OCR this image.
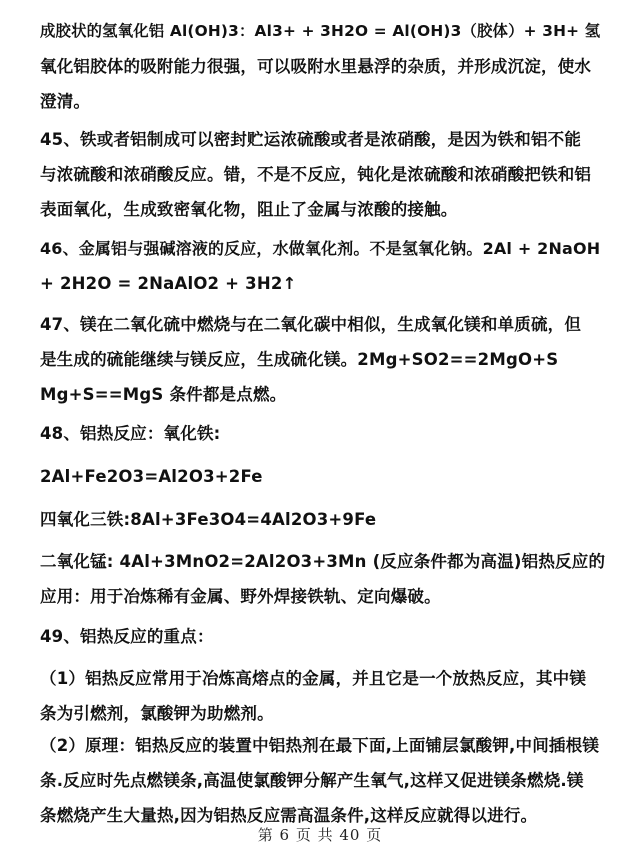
成胶状的氢氧化铝 Al(OH)3：Al3+ + 3H2O = Al(OH)3（胶体）+ 3H+ 氢
氧化铝胶体的吸附能力很强，可以吸附水里悬浮的杂质，并形成沉淀，使水
澄清。
45、铁或者铝制成可以密封贮运浓硫酸或者是浓硝酸，是因为铁和铝不能
与浓硫酸和浓硝酸反应。错，不是不反应，钝化是浓硫酸和浓硝酸把铁和铝
表面氧化，生成致密氧化物，阻止了金属与浓酸的接触。
46、金属铝与强碱溶液的反应，水做氧化剂。不是氢氧化钠。2Al + 2NaOH
+ 2H2O = 2NaAlO2 + 3H2↑
47、镁在二氧化硫中燃烧与在二氧化碳中相似，生成氧化镁和单质硫，但
是生成的硫能继续与镁反应，生成硫化镁。2Mg+SO2==2MgO+S
Mg+S==MgS 条件都是点燃。
48、铝热反应：氧化铁:
2Al+Fe2O3=Al2O3+2Fe
四氧化三铁:8Al+3Fe3O4=4Al2O3+9Fe
二氧化锰: 4Al+3MnO2=2Al2O3+3Mn (反应条件都为高温)铝热反应的
应用：用于冶炼稀有金属、野外焊接铁轨、定向爆破。
49、铝热反应的重点：
（1）铝热反应常用于冶炼高熔点的金属，并且它是一个放热反应，其中镁
条为引燃剂，氯酸钾为助燃剂。
（2）原理：铝热反应的装置中铝热剂在最下面,上面铺层氯酸钾,中间插根镁
条.反应时先点燃镁条,高温使氯酸钾分解产生氧气,这样又促进镁条燃烧.镁
条燃烧产生大量热,因为铝热反应需高温条件,这样反应就得以进行。
第 6 页 共 40 页
